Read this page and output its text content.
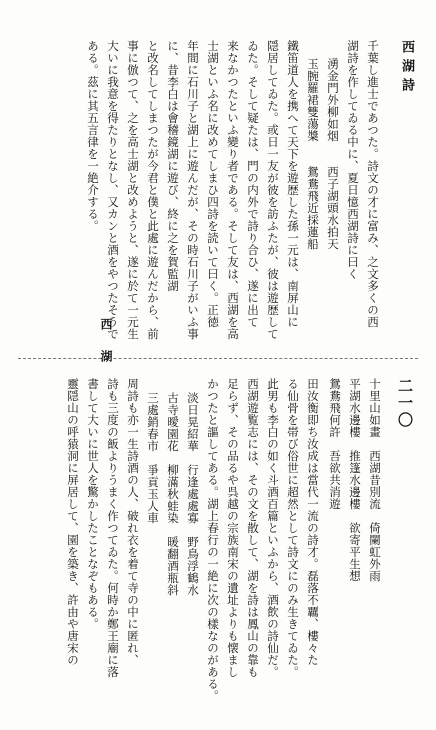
西湖詩
西湖
二一〇
千葉し進士であつた。詩文の才に富み、之文多くの西
湖詩を作してゐる中に、夏日憶西湖詩に曰く
湧金門外柳如烟　　西子湖頭水拍天
玉腕羅裙雙蕩槳　　鴛鴦飛近採蓮船
鐵笛道人を携へて天下を遊歴した孫一元は、南屏山に
隠居してゐた。或日一友が彼を訪ふたが、彼は遊歴して
ゐた。そして疑たは、門の内外で詩り合ひ、遂に出て
来なかつたといふ變り者である。そして友は、西湖を高
士湖といふ名に改めてしまひ四詩を読いて曰く。正徳
年間に石川子と湖上に遊んだが、その時石川子がいふ事
に、昔李白は會稽鏡湖に遊び、終に之を賀監湖
と改名してしまつたが今君と僕と此處に遊んだから、前
事に倣つて、之を高士湖と改めようと、遂に於て一元生
大いに我意を得たりとなし、又カンと酒をやつたそうで
ある。茲に其五言律を一絶介する。
十里山如畫　西湖昔別流　倚闌虹外雨
平湖水邊樓　推篷水邊樓　欲寄平生想
鴛鴦飛何許　吾欲共消遊　
田汝衡即ち汝成は當代一流の詩才。磊落不覊、樓々た
る仙骨を帯び俗世に超然として詩文にのみ生きてゐた。
此男も李白の如く斗酒百篇といふから、酒飲の詩仙だ。
西湖遊覧志には、その文を散して、湖を詩は鳳山の靠も
足らず、その品るや呉越の宗族南宋の遺址よりも懐まし
かつたと謳してある。湖上春行の一絶に次の樣なのがある。
淡日晃紹華　行逢處處寡　野鳥浮鶴水
古寺曖園花　柳滿秋蛙染　暖翻酒瓶斜
三處銷春市　爭貢玉人車
周詩も亦一生詩酒の人、破れ衣を着て寺の中に匿れ、
詩も三度の飯よりうまく作つてゐた。何時か鄭王廟に落
書して大いに世人を驚かしたことなぞもある。
靈隠山の呼猿洞に屏居して、園を築き、許由や唐宋の
